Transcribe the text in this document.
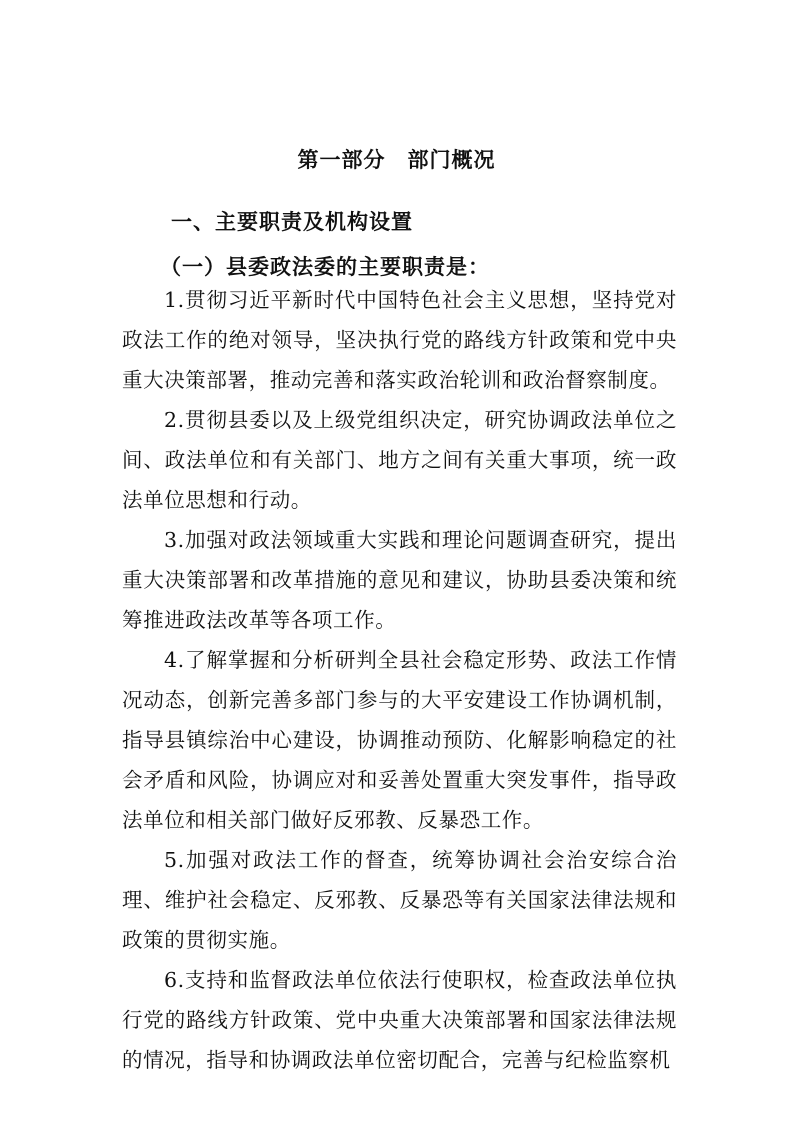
第一部分　部门概况
一、主要职责及机构设置
（一）县委政法委的主要职责是：

1.贯彻习近平新时代中国特色社会主义思想，坚持党对政法工作的绝对领导，坚决执行党的路线方针政策和党中央重大决策部署，推动完善和落实政治轮训和政治督察制度。

2.贯彻县委以及上级党组织决定，研究协调政法单位之间、政法单位和有关部门、地方之间有关重大事项，统一政法单位思想和行动。

3.加强对政法领域重大实践和理论问题调查研究，提出重大决策部署和改革措施的意见和建议，协助县委决策和统筹推进政法改革等各项工作。

4.了解掌握和分析研判全县社会稳定形势、政法工作情况动态，创新完善多部门参与的大平安建设工作协调机制，指导县镇综治中心建设，协调推动预防、化解影响稳定的社会矛盾和风险，协调应对和妥善处置重大突发事件，指导政法单位和相关部门做好反邪教、反暴恐工作。

5.加强对政法工作的督查，统筹协调社会治安综合治理、维护社会稳定、反邪教、反暴恐等有关国家法律法规和政策的贯彻实施。

6.支持和监督政法单位依法行使职权，检查政法单位执行党的路线方针政策、党中央重大决策部署和国家法律法规的情况，指导和协调政法单位密切配合，完善与纪检监察机
